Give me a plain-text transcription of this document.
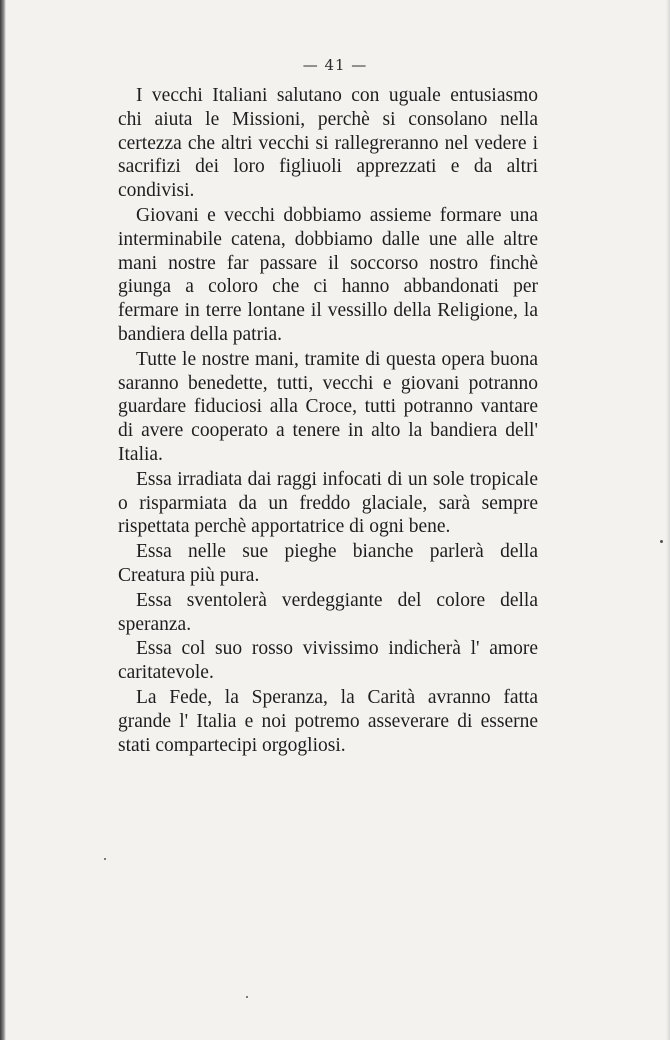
— 41 —

I vecchi Italiani salutano con uguale entusiasmo chi aiuta le Missioni, perchè si consolano nella certezza che altri vecchi si rallegreranno nel vedere i sacrifizi dei loro figliuoli apprezzati e da altri condivisi.

Giovani e vecchi dobbiamo assieme formare una interminabile catena, dobbiamo dalle une alle altre mani nostre far passare il soccorso nostro finchè giunga a coloro che ci hanno abbandonati per fermare in terre lontane il vessillo della Religione, la bandiera della patria.

Tutte le nostre mani, tramite di questa opera buona saranno benedette, tutti, vecchi e giovani potranno guardare fiduciosi alla Croce, tutti potranno vantare di avere cooperato a tenere in alto la bandiera dell' Italia.

Essa irradiata dai raggi infocati di un sole tropicale o risparmiata da un freddo glaciale, sarà sempre rispettata perchè apportatrice di ogni bene.

Essa nelle sue pieghe bianche parlerà della Creatura più pura.

Essa sventolerà verdeggiante del colore della speranza.

Essa col suo rosso vivissimo indicherà l' amore caritatevole.

La Fede, la Speranza, la Carità avranno fatta grande l' Italia e noi potremo asseverare di esserne stati compartecipi orgogliosi.
